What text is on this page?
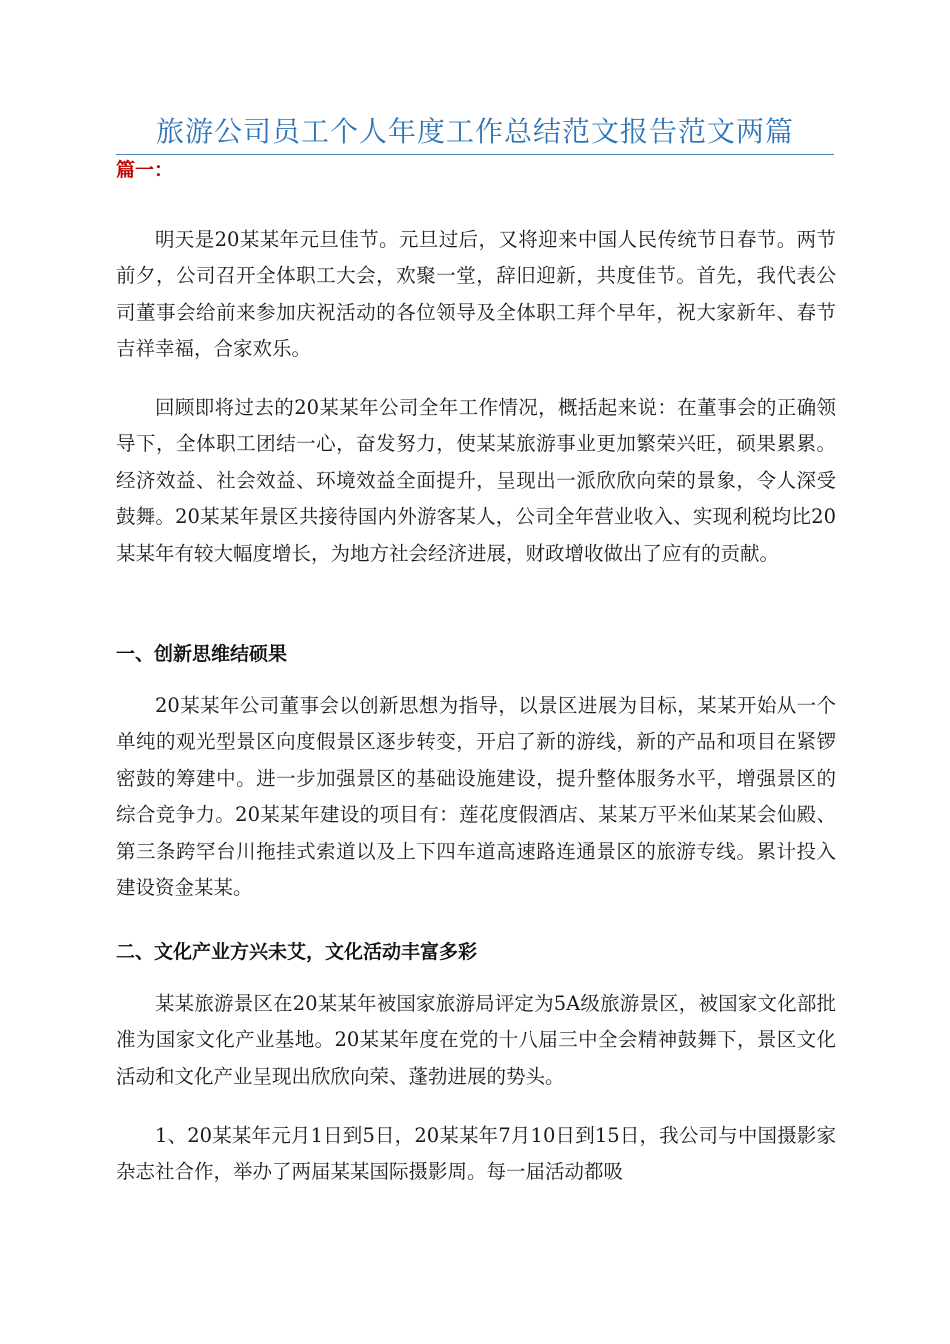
旅游公司员工个人年度工作总结范文报告范文两篇
篇一：

明天是20某某年元旦佳节。元旦过后，又将迎来中国人民传统节日春节。两节前夕，公司召开全体职工大会，欢聚一堂，辞旧迎新，共度佳节。首先，我代表公司董事会给前来参加庆祝活动的各位领导及全体职工拜个早年，祝大家新年、春节吉祥幸福，合家欢乐。

回顾即将过去的20某某年公司全年工作情况，概括起来说：在董事会的正确领导下，全体职工团结一心，奋发努力，使某某旅游事业更加繁荣兴旺，硕果累累。经济效益、社会效益、环境效益全面提升，呈现出一派欣欣向荣的景象，令人深受鼓舞。20某某年景区共接待国内外游客某人，公司全年营业收入、实现利税均比20某某年有较大幅度增长，为地方社会经济进展，财政增收做出了应有的贡献。

一、创新思维结硕果

20某某年公司董事会以创新思想为指导，以景区进展为目标，某某开始从一个单纯的观光型景区向度假景区逐步转变，开启了新的游线，新的产品和项目在紧锣密鼓的筹建中。进一步加强景区的基础设施建设，提升整体服务水平，增强景区的综合竞争力。20某某年建设的项目有：莲花度假酒店、某某万平米仙某某会仙殿、第三条跨罕台川拖挂式索道以及上下四车道高速路连通景区的旅游专线。累计投入建设资金某某。

二、文化产业方兴未艾，文化活动丰富多彩

某某旅游景区在20某某年被国家旅游局评定为5A级旅游景区，被国家文化部批准为国家文化产业基地。20某某年度在党的十八届三中全会精神鼓舞下，景区文化活动和文化产业呈现出欣欣向荣、蓬勃进展的势头。

1、20某某年元月1日到5日，20某某年7月10日到15日，我公司与中国摄影家杂志社合作，举办了两届某某国际摄影周。每一届活动都吸
